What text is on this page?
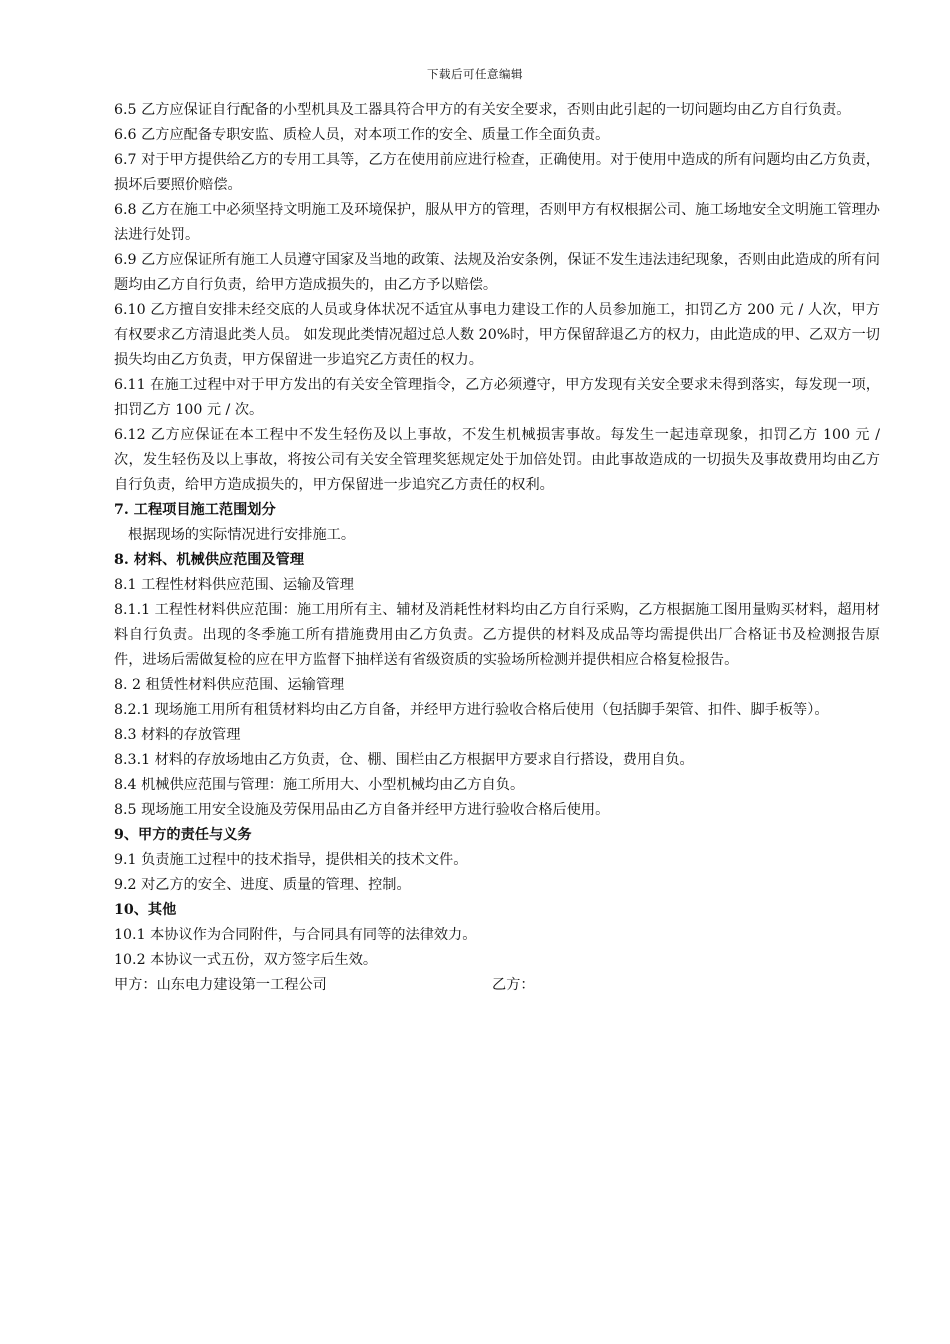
下载后可任意编辑

6.5 乙方应保证自行配备的小型机具及工器具符合甲方的有关安全要求，否则由此引起的一切问题均由乙方自行负责。

6.6 乙方应配备专职安监、质检人员，对本项工作的安全、质量工作全面负责。

6.7 对于甲方提供给乙方的专用工具等，乙方在使用前应进行检查，正确使用。对于使用中造成的所有问题均由乙方负责，损坏后要照价赔偿。

6.8 乙方在施工中必须坚持文明施工及环境保护，服从甲方的管理，否则甲方有权根据公司、施工场地安全文明施工管理办法进行处罚。

6.9 乙方应保证所有施工人员遵守国家及当地的政策、法规及治安条例，保证不发生违法违纪现象，否则由此造成的所有问题均由乙方自行负责，给甲方造成损失的，由乙方予以赔偿。

6.10 乙方擅自安排未经交底的人员或身体状况不适宜从事电力建设工作的人员参加施工，扣罚乙方 200 元 / 人次，甲方有权要求乙方清退此类人员。 如发现此类情况超过总人数 20%时，甲方保留辞退乙方的权力，由此造成的甲、乙双方一切损失均由乙方负责，甲方保留进一步追究乙方责任的权力。

6.11 在施工过程中对于甲方发出的有关安全管理指令，乙方必须遵守，甲方发现有关安全要求未得到落实，每发现一项，扣罚乙方 100 元 / 次。

6.12 乙方应保证在本工程中不发生轻伤及以上事故，不发生机械损害事故。每发生一起违章现象，扣罚乙方 100 元 / 次，发生轻伤及以上事故，将按公司有关安全管理奖惩规定处于加倍处罚。由此事故造成的一切损失及事故费用均由乙方自行负责，给甲方造成损失的，甲方保留进一步追究乙方责任的权利。

7. 工程项目施工范围划分

根据现场的实际情况进行安排施工。

8. 材料、机械供应范围及管理

8.1 工程性材料供应范围、运输及管理

8.1.1 工程性材料供应范围：施工用所有主、辅材及消耗性材料均由乙方自行采购，乙方根据施工图用量购买材料，超用材料自行负责。出现的冬季施工所有措施费用由乙方负责。乙方提供的材料及成品等均需提供出厂合格证书及检测报告原件，进场后需做复检的应在甲方监督下抽样送有省级资质的实验场所检测并提供相应合格复检报告。

8. 2 租赁性材料供应范围、运输管理

8.2.1 现场施工用所有租赁材料均由乙方自备，并经甲方进行验收合格后使用（包括脚手架管、扣件、脚手板等）。

8.3 材料的存放管理

8.3.1 材料的存放场地由乙方负责，仓、棚、围栏由乙方根据甲方要求自行搭设，费用自负。

8.4 机械供应范围与管理：施工所用大、小型机械均由乙方自负。

8.5 现场施工用安全设施及劳保用品由乙方自备并经甲方进行验收合格后使用。

9、甲方的责任与义务

9.1 负责施工过程中的技术指导，提供相关的技术文件。

9.2 对乙方的安全、进度、质量的管理、控制。

10、其他

10.1 本协议作为合同附件，与合同具有同等的法律效力。

10.2 本协议一式五份，双方签字后生效。

甲方：山东电力建设第一工程公司	乙方：
